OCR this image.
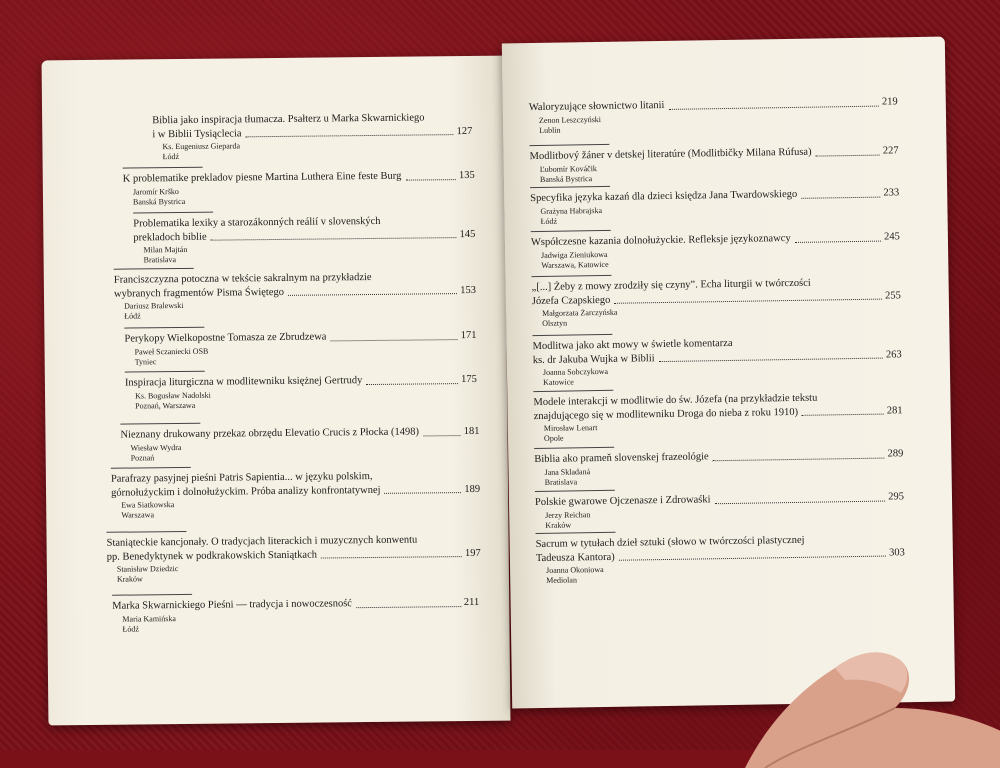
Biblia jako inspiracja tłumacza. Psałterz u Marka Skwarnickiego
i w Biblii Tysiąclecia	127
Ks. Eugeniusz Gieparda
Łódź
K problematike prekladov piesne Martina Luthera Eine feste Burg	135
Jaromír Krško
Banská Bystrica
Problematika lexiky a starozákonných reálií v slovenských
prekladoch biblie	145
Milan Majtán
Bratislava
Franciszczyzna potoczna w tekście sakralnym na przykładzie
wybranych fragmentów Pisma Świętego	153
Dariusz Bralewski
Łódź
Perykopy Wielkopostne Tomasza ze Zbrudzewa	171
Paweł Sczaniecki OSB
Tyniec
Inspiracja liturgiczna w modlitewniku księżnej Gertrudy	175
Ks. Bogusław Nadolski
Poznań, Warszawa
Nieznany drukowany przekaz obrzędu Elevatio Crucis z Płocka (1498)	181
Wiesław Wydra
Poznań
Parafrazy pasyjnej pieśni Patris Sapientia... w języku polskim,
górnołużyckim i dolnołużyckim. Próba analizy konfrontatywnej	189
Ewa Siatkowska
Warszawa
Staniąteckie kancjonały. O tradycjach literackich i muzycznych konwentu
pp. Benedyktynek w podkrakowskich Staniątkach	197
Stanisław Dziedzic
Kraków
Marka Skwarnickiego Pieśni — tradycja i nowoczesność	211
Maria Kamińska
Łódź
Waloryzujące słownictwo litanii	219
Zenon Leszczyński
Lublin
Modlitbový žáner v detskej literatúre (Modlitbičky Milana Rúfusa)	227
Ľubomír Kováčik
Banská Bystrica
Specyfika języka kazań dla dzieci księdza Jana Twardowskiego	233
Grażyna Habrajska
Łódź
Współczesne kazania dolnołużyckie. Refleksje językoznawcy	245
Jadwiga Zieniukowa
Warszawa, Katowice
„[...] Żeby z mowy zrodziły się czyny”. Echa liturgii w twórczości
Józefa Czapskiego	255
Małgorzata Żarczyńska
Olsztyn
Modlitwa jako akt mowy w świetle komentarza
ks. dr Jakuba Wujka w Biblii	263
Joanna Sobczykowa
Katowice
Modele interakcji w modlitwie do św. Józefa (na przykładzie tekstu
znajdującego się w modlitewniku Droga do nieba z roku 1910)	281
Mirosław Lenart
Opole
Biblia ako prameň slovenskej frazeológie	289
Jana Skladaná
Bratislava
Polskie gwarowe Ojczenasze i Zdrowaśki	295
Jerzy Reichan
Kraków
Sacrum w tytułach dzieł sztuki (słowo w twórczości plastycznej
Tadeusza Kantora)	303
Joanna Okoniowa
Mediolan
